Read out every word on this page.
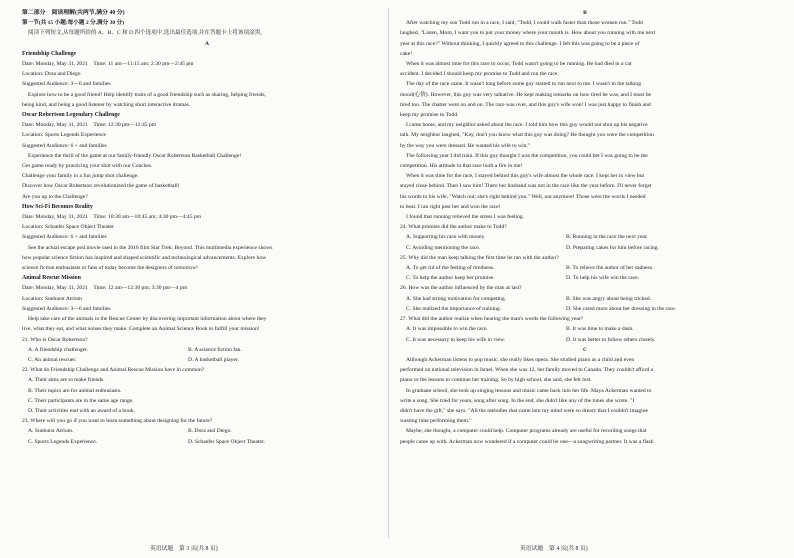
第二部分　阅读理解(共两节,满分 40 分)

第一节(共 15 小题;每小题 2 分,满分 30 分)

阅读下列短文,从每题所给的 A、B、C 和 D 四个选项中,选出最佳选项,并在答题卡上将该项涂黑。

A

Friendship Challenge

Date: Monday, May 31, 2021　Time: 11 am—11:15 am; 2:30 pm—2:45 pm

Location: Dora and Diego

Suggested Audience: 3—6 and families

Explore how to be a good friend! Help identify traits of a good friendship such as sharing, helping friends,

being kind, and being a good listener by watching short interactive dramas.

Oscar Robertson Legendary Challenge

Date: Monday, May 31, 2021　Time: 12:30 pm—12:45 pm

Location: Sports Legends Experience

Suggested Audience: 6 + and families

Experience the thrill of the game at our family-friendly Oscar Robertson Basketball Challenge!

Get game ready by practicing your shot with our Coaches.

Challenge your family in a fun jump shot challenge.

Discover how Oscar Robertson revolutionized the game of basketball!

Are you up to the Challenge?

How Sci-Fi Becomes Reality

Date: Monday, May 31, 2021　Time: 10:30 am—10:45 am; 4:30 pm—4:45 pm

Location: Schaefer Space Object Theater

Suggested Audience: 6 + and families

See the actual escape pod movie used in the 2016 film Star Trek: Beyond. This multimedia experience shows

how popular science fiction has inspired and shaped scientific and technological advancements. Explore how

science fiction enthusiasts or fans of today become the designers of tomorrow!

Animal Rescue Mission

Date: Monday, May 31, 2021　Time: 12 am—12:30 pm; 3:30 pm—4 pm

Location: Sunburst Atrium

Suggested Audience: 3—6 and families

Help take care of the animals in the Rescue Center by discovering important information about where they

live, what they eat, and what noises they make. Complete an Animal Science Book to fulfill your mission!

21. Who is Oscar Robertson?

A. A friendship challenger.	B. A science fiction fan.
C. An animal rescuer.	D. A basketball player.

22. What do Friendship Challenge and Animal Rescue Mission have in common?

A. Their aims are to make friends.

B. Their topics are for animal enthusiasts.

C. Their participants are in the same age range.

D. Their activities end with an award of a book.

23. Where will you go if you want to learn something about designing for the future?

A. Sunburst Atrium.	B. Dora and Diego.
C. Sports Legends Experience.	D. Schaefer Space Object Theater.

B

After watching my son Todd run in a race, I said, "Todd, I could walk faster than those women run." Todd

laughed, "Listen, Mom, I want you to put your money where your mouth is. How about you running with me next

year at this race?" Without thinking, I quickly agreed to this challenge. I felt this was going to be a piece of

cake!

When it was almost time for this race to occur, Todd wasn't going to be running. He had died in a car

accident. I decided I should keep my promise to Todd and run the race.

The day of the race came. It wasn't long before some guy started to run next to me. I wasn't in the talking

mood(心情). However, this guy was very talkative. He kept making remarks on how tired he was, and I must be

tired too. The chatter went on and on. The race was over, and this guy's wife won! I was just happy to finish and

keep my promise to Todd.

I came home, and my neighbor asked about the race. I told him how this guy would not shut up his negative

talk. My neighbor laughed, "Kay, don't you know what this guy was doing? He thought you were the competition

by the way you were dressed. He wanted his wife to win."

The following year I did train. If this guy thought I was the competition, you could bet I was going to be the

competition. His attitude in that race built a fire in me!

When it was time for the race, I stayed behind this guy's wife almost the whole race. I kept her in view but

stayed close behind. Then I saw him! There her husband was not in the race like the year before. I'll never forget

his words to his wife, "Watch out; she's right behind you." Well, not anymore! Those were the words I needed

to hear. I ran right past her and won the race!

I found that running relieved the stress I was feeling.

24. What promise did the author make to Todd?

A. Supporting his race with money.	B. Running in the race the next year.
C. Avoiding mentioning the race.	D. Preparing cakes for him before racing.

25. Why did the man keep talking the first time he ran with the author?

A. To get rid of the feeling of tiredness.	B. To relieve the author of her sadness.
C. To help the author keep her promise.	D. To help his wife win the race.

26. How was the author influenced by the man at last?

A. She had strong motivation for competing.	B. She was angry about being tricked.
C. She realized the importance of training.	D. She cared more about her dressing in the race.

27. What did the author realize when hearing the man's words the following year?

A. It was impossible to win the race.	B. It was time to make a dash.
C. It was necessary to keep his wife in view.	D. It was better to follow others closely.

C

Although Ackerman listens to pop music, she really likes opera. She studied piano as a child and even

performed on national television in Israel. When she was 12, her family moved to Canada. They couldn't afford a

piano or the lessons to continue her training. So by high school, she said, she felt lost.

In graduate school, she took up singing lessons and music came back into her life. Maya Ackerman wanted to

write a song. She tried for years, song after song. In the end, she didn't like any of the tunes she wrote. "I

didn't have the gift," she says. "All the melodies that came into my mind were so dreary that I couldn't imagine

wasting time performing them."

Maybe, she thought, a computer could help. Computer programs already are useful for recording songs that

people came up with. Ackerman now wondered if a computer could be one—a songwriting partner. It was a flash

英语试题　第 3 页(共 8 页)	英语试题　第 4 页(共 8 页)
